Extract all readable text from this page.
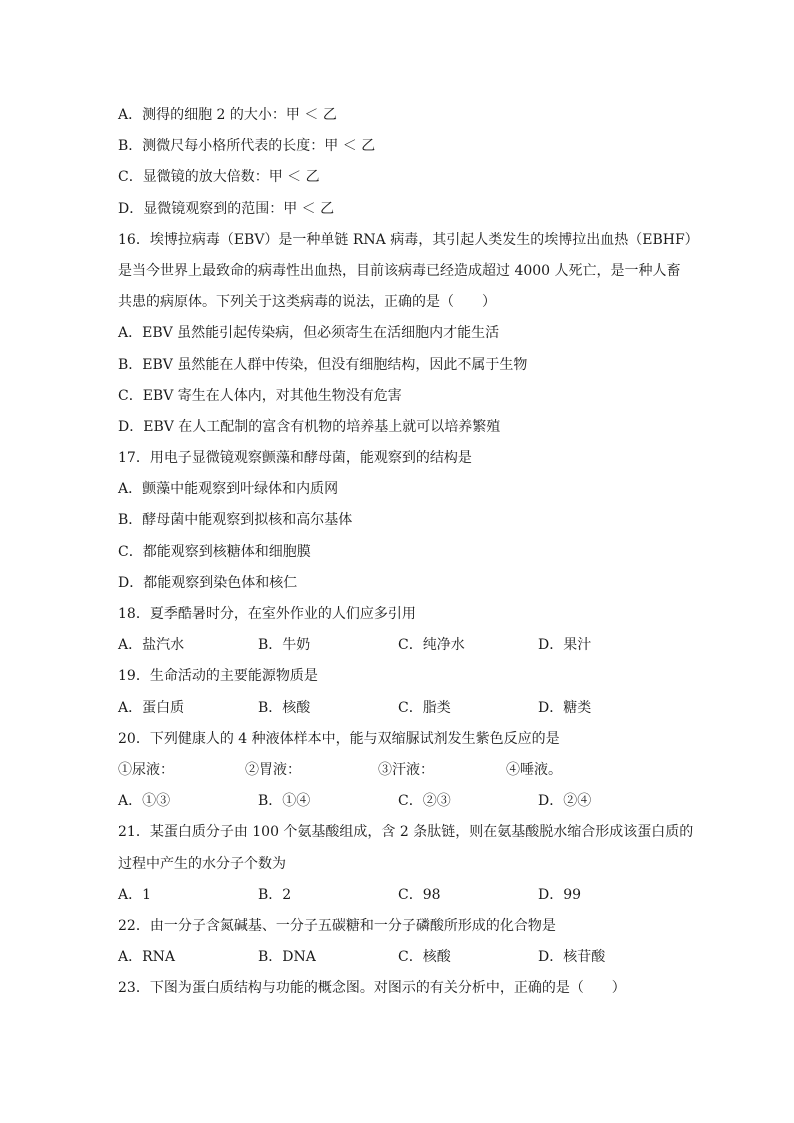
A．测得的细胞 2 的大小：甲 ＜ 乙
B．测微尺每小格所代表的长度：甲 ＜ 乙
C．显微镜的放大倍数：甲 ＜ 乙
D．显微镜观察到的范围：甲 ＜ 乙
16．埃博拉病毒（EBV）是一种单链 RNA 病毒，其引起人类发生的埃博拉出血热（EBHF）
是当今世界上最致命的病毒性出血热，目前该病毒已经造成超过 4000 人死亡，是一种人畜
共患的病原体。下列关于这类病毒的说法，正确的是（　　）
A．EBV 虽然能引起传染病，但必须寄生在活细胞内才能生活
B．EBV 虽然能在人群中传染，但没有细胞结构，因此不属于生物
C．EBV 寄生在人体内，对其他生物没有危害
D．EBV 在人工配制的富含有机物的培养基上就可以培养繁殖
17．用电子显微镜观察颤藻和酵母菌，能观察到的结构是
A．颤藻中能观察到叶绿体和内质网
B．酵母菌中能观察到拟核和高尔基体
C．都能观察到核糖体和细胞膜
D．都能观察到染色体和核仁
18．夏季酷暑时分，在室外作业的人们应多引用
A．盐汽水	B．牛奶	C．纯净水	D．果汁
19．生命活动的主要能源物质是
A．蛋白质	B．核酸	C．脂类	D．糖类
20．下列健康人的 4 种液体样本中，能与双缩脲试剂发生紫色反应的是
①尿液：	②胃液：	③汗液：	④唾液。
A．①③	B．①④	C．②③	D．②④
21．某蛋白质分子由 100 个氨基酸组成，含 2 条肽链，则在氨基酸脱水缩合形成该蛋白质的
过程中产生的水分子个数为
A．1	B．2	C．98	D．99
22．由一分子含氮碱基、一分子五碳糖和一分子磷酸所形成的化合物是
A．RNA	B．DNA	C．核酸	D．核苷酸
23．下图为蛋白质结构与功能的概念图。对图示的有关分析中，正确的是（　　）
